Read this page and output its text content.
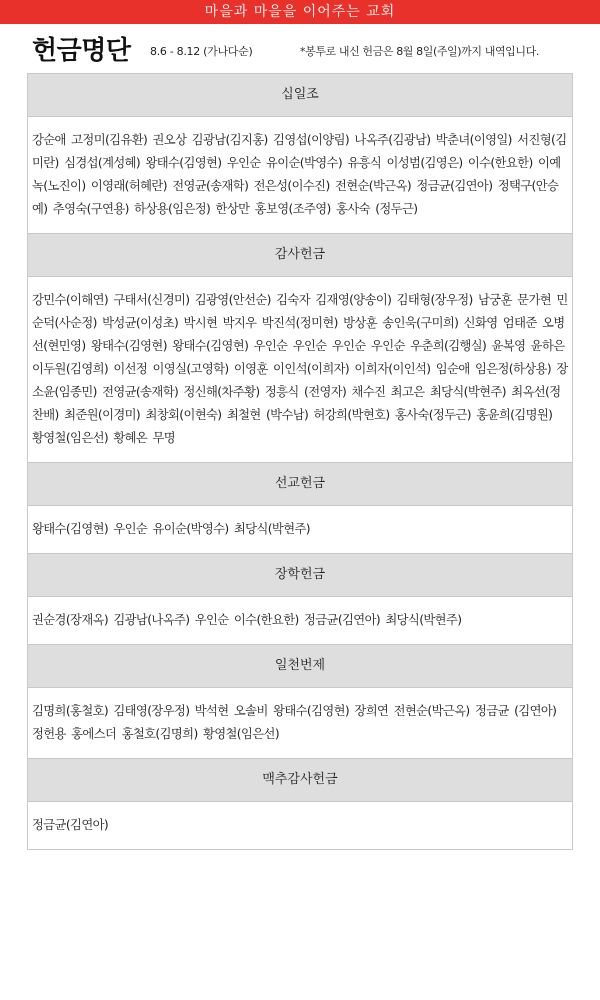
마을과 마을을 이어주는 교회
헌금명단 8.6 - 8.12 (가나다순)	*봉투로 내신 헌금은 8월 8일(주일)까지 내역입니다.
십일조
강순애 고정미(김유환) 권오상 김광남(김지홍) 김영섭(이양림) 나옥주(김광남) 박춘녀(이영일) 서진형(김미란) 심경섭(계성혜) 왕태수(김영현) 우인순 유이순(박영수) 유흥식 이성범(김영은) 이수(한요한) 이예녹(노진이) 이영래(허혜란) 전영균(송재학) 전은성(이수진) 전현순(박근옥) 정금균(김연아) 정택구(안승예) 추영숙(구연용) 하상용(임은정) 한상만 홍보영(조주영) 홍사숙 (정두근)
감사헌금
강민수(이해연) 구태서(신경미) 김광영(안선순) 김숙자 김재영(양송이) 김태형(장우정) 남궁훈 문가현 민순덕(사순정) 박성균(이성초) 박시현 박지우 박진석(정미현) 방상훈 송인욱(구미희) 신화영 엄태준 오병선(현민영) 왕태수(김영현) 왕태수(김영현) 우인순 우인순 우인순 우인순 우춘희(김행실) 윤복영 윤하은 이두원(김영희) 이선정 이영실(고영학) 이영훈 이인석(이희자) 이희자(이인석) 임순애 임은정(하상용) 장소윤(임종민) 전영균(송재학) 정신해(차주황) 정흥식 (전영자) 채수진 최고은 최당식(박현주) 최옥선(정찬배) 최준원(이경미) 최창회(이현숙) 최철현 (박수남) 허강희(박현호) 홍사숙(정두근) 홍윤희(김명원) 황영철(임은선) 황혜온 무명
선교헌금
왕태수(김영현) 우인순 유이순(박영수) 최당식(박현주)
장학헌금
권순경(장재옥) 김광남(나옥주) 우인순 이수(한요한) 정금균(김연아) 최당식(박현주)
일천번제
김명희(홍철호) 김태영(장우정) 박석현 오솔비 왕태수(김영현) 장희연 전현순(박근옥) 정금균 (김연아) 정헌용 홍에스더 홍철호(김명희) 황영철(임은선)
맥추감사헌금
정금균(김연아)
